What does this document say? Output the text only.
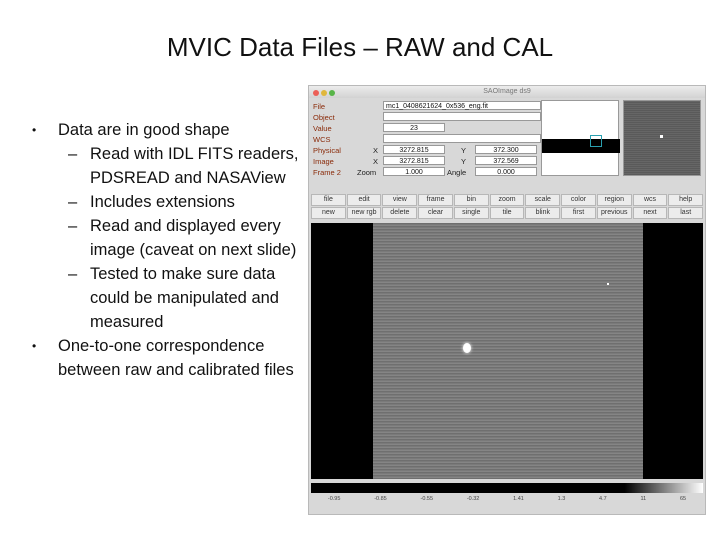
MVIC Data Files – RAW and CAL
• Data are in good shape
– Read with IDL FITS readers, PDSREAD and NASAView
– Includes extensions
– Read and displayed every image (caveat on next slide)
– Tested to make sure data could be manipulated and measured
• One-to-one correspondence between raw and calibrated files
SAOImage ds9
File	mc1_0408621624_0x536_eng.fit
Object
Value	23
WCS
Physical	X	3272.815	Y	372.300
Image	X	3272.815	Y	372.569
Frame 2 Zoom	1.000	Angle	0.000
file	edit	view	frame	bin	zoom	scale	color	region	wcs	help
new	new rgb	delete	clear	single	tile	blink	first	previous	next	last
-0.95	-0.85	-0.55	-0.32	1.41	1.3	4.7	11	65
